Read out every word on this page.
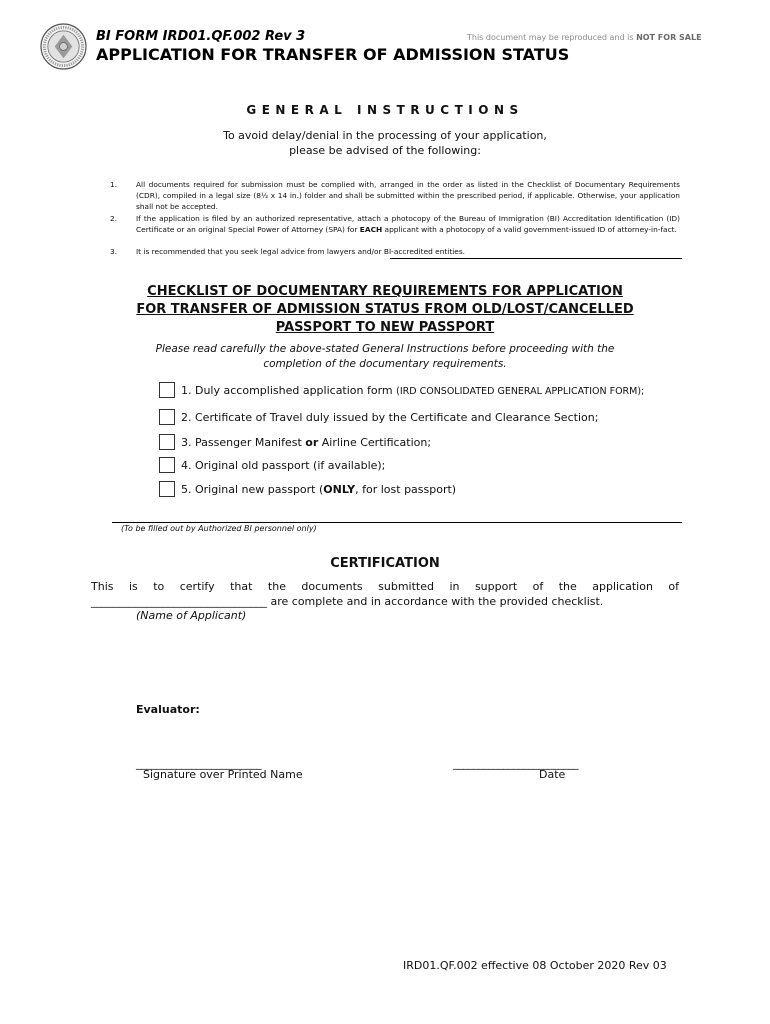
BI FORM IRD01.QF.002 Rev 3	This document may be reproduced and is NOT FOR SALE
APPLICATION FOR TRANSFER OF ADMISSION STATUS
GENERAL INSTRUCTIONS
To avoid delay/denial in the processing of your application,
please be advised of the following:
1.	All documents required for submission must be complied with, arranged in the order as listed in the Checklist of Documentary Requirements (CDR), compiled in a legal size (8½ x 14 in.) folder and shall be submitted within the prescribed period, if applicable. Otherwise, your application shall not be accepted.
2.	If the application is filed by an authorized representative, attach a photocopy of the Bureau of Immigration (BI) Accreditation Identification (ID) Certificate or an original Special Power of Attorney (SPA) for EACH applicant with a photocopy of a valid government-issued ID of attorney-in-fact.
3.	It is recommended that you seek legal advice from lawyers and/or BI-accredited entities.
CHECKLIST OF DOCUMENTARY REQUIREMENTS FOR APPLICATION
FOR TRANSFER OF ADMISSION STATUS FROM OLD/LOST/CANCELLED
PASSPORT TO NEW PASSPORT
Please read carefully the above-stated General Instructions before proceeding with the
completion of the documentary requirements.
1. Duly accomplished application form (IRD CONSOLIDATED GENERAL APPLICATION FORM);
2. Certificate of Travel duly issued by the Certificate and Clearance Section;
3. Passenger Manifest or Airline Certification;
4. Original old passport (if available);
5. Original new passport (ONLY, for lost passport)
(To be filled out by Authorized BI personnel only)
CERTIFICATION
This is to certify that the documents submitted in support of the application of
________________________________ are complete and in accordance with the provided checklist.
(Name of Applicant)
Evaluator:
_________________________
Signature over Printed Name
_________________________
Date
IRD01.QF.002 effective 08 October 2020 Rev 03
